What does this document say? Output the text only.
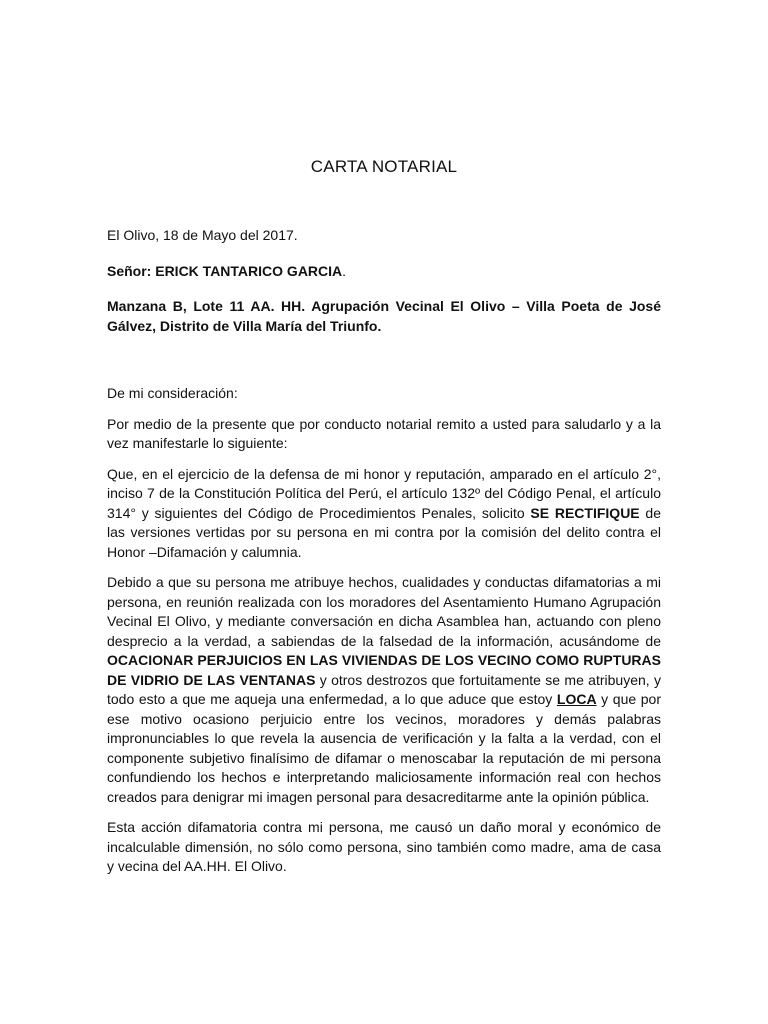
CARTA NOTARIAL

El Olivo, 18 de Mayo del 2017.

Señor: ERICK TANTARICO GARCIA.

Manzana B, Lote 11 AA. HH. Agrupación Vecinal El Olivo – Villa Poeta de José Gálvez, Distrito de Villa María del Triunfo.

De mi consideración:

Por medio de la presente que por conducto notarial remito a usted para saludarlo y a la vez manifestarle lo siguiente:

Que, en el ejercicio de la defensa de mi honor y reputación, amparado en el artículo 2°, inciso 7 de la Constitución Política del Perú, el artículo 132º del Código Penal, el artículo 314° y siguientes del Código de Procedimientos Penales, solicito SE RECTIFIQUE de las versiones vertidas por su persona en mi contra por la comisión del delito contra el Honor –Difamación y calumnia.

Debido a que su persona me atribuye hechos, cualidades y conductas difamatorias a mi persona, en reunión realizada con los moradores del Asentamiento Humano Agrupación Vecinal El Olivo, y mediante conversación en dicha Asamblea han, actuando con pleno desprecio a la verdad, a sabiendas de la falsedad de la información, acusándome de OCACIONAR PERJUICIOS EN LAS VIVIENDAS DE LOS VECINO COMO RUPTURAS DE VIDRIO DE LAS VENTANAS y otros destrozos que fortuitamente se me atribuyen, y todo esto a que me aqueja una enfermedad, a lo que aduce que estoy LOCA y que por ese motivo ocasiono perjuicio entre los vecinos, moradores y demás palabras impronunciables lo que revela la ausencia de verificación y la falta a la verdad, con el componente subjetivo finalísimo de difamar o menoscabar la reputación de mi persona confundiendo los hechos e interpretando maliciosamente información real con hechos creados para denigrar mi imagen personal para desacreditarme ante la opinión pública.

Esta acción difamatoria contra mi persona, me causó un daño moral y económico de incalculable dimensión, no sólo como persona, sino también como madre, ama de casa y vecina del AA.HH. El Olivo.
